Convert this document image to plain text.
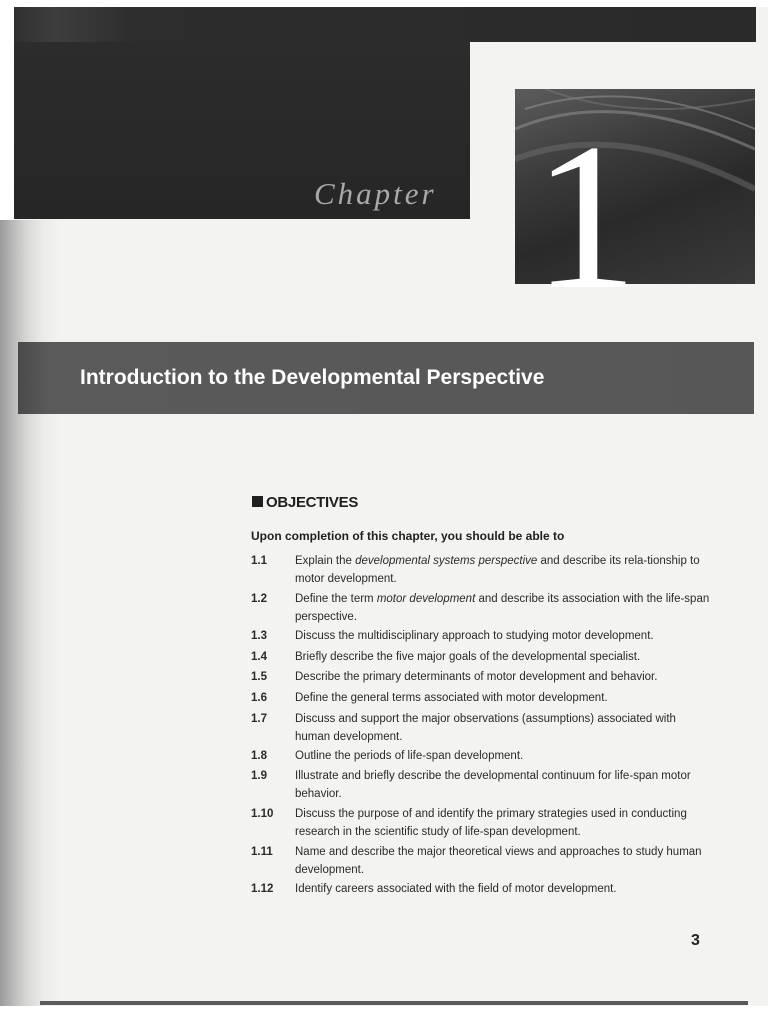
Chapter 1
Introduction to the Developmental Perspective
OBJECTIVES
Upon completion of this chapter, you should be able to
1.1	Explain the developmental systems perspective and describe its rela-tionship to motor development.
1.2	Define the term motor development and describe its association with the life-span perspective.
1.3	Discuss the multidisciplinary approach to studying motor development.
1.4	Briefly describe the five major goals of the developmental specialist.
1.5	Describe the primary determinants of motor development and behavior.
1.6	Define the general terms associated with motor development.
1.7	Discuss and support the major observations (assumptions) associated with human development.
1.8	Outline the periods of life-span development.
1.9	Illustrate and briefly describe the developmental continuum for life-span motor behavior.
1.10	Discuss the purpose of and identify the primary strategies used in conducting research in the scientific study of life-span development.
1.11	Name and describe the major theoretical views and approaches to study human development.
1.12	Identify careers associated with the field of motor development.
3
